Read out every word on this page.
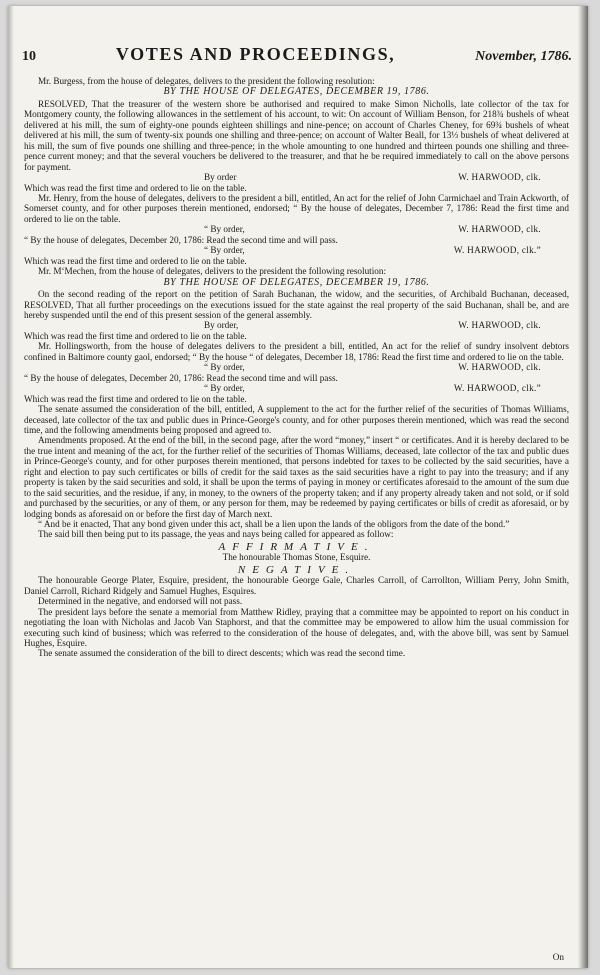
10	VOTES AND PROCEEDINGS,	November, 1786.

Mr. Burgess, from the house of delegates, delivers to the president the following resolution:

BY THE HOUSE OF DELEGATES, DECEMBER 19, 1786.

RESOLVED, That the treasurer of the western shore be authorised and required to make Simon Nicholls, late collector of the tax for Montgomery county, the following allowances in the settlement of his account, to wit: On account of William Benson, for 218¾ bushels of wheat delivered at his mill, the sum of eighty-one pounds eighteen shillings and nine-pence; on account of Charles Cheney, for 69¾ bushels of wheat delivered at his mill, the sum of twenty-six pounds one shilling and three-pence; on account of Walter Beall, for 13⅓ bushels of wheat delivered at his mill, the sum of five pounds one shilling and three-pence; in the whole amounting to one hundred and thirteen pounds one shilling and three-pence current money; and that the several vouchers be delivered to the treasurer, and that he be required immediately to call on the above persons for payment.

By order	W. HARWOOD, clk.

Which was read the first time and ordered to lie on the table.

Mr. Henry, from the house of delegates, delivers to the president a bill, entitled, An act for the relief of John Carmichael and Train Ackworth, of Somerset county, and for other purposes therein mentioned, endorsed; “ By the house of delegates, December 7, 1786: Read the first time and ordered to lie on the table.

“ By order,	W. HARWOOD, clk.

“ By the house of delegates, December 20, 1786: Read the second time and will pass.

“ By order,	W. HARWOOD, clk.”

Which was read the first time and ordered to lie on the table.

Mr. M‘Mechen, from the house of delegates, delivers to the president the following resolution:

BY THE HOUSE OF DELEGATES, DECEMBER 19, 1786.

On the second reading of the report on the petition of Sarah Buchanan, the widow, and the securities, of Archibald Buchanan, deceased, RESOLVED, That all further proceedings on the executions issued for the state against the real property of the said Buchanan, shall be, and are hereby suspended until the end of this present session of the general assembly.

By order,	W. HARWOOD, clk.

Which was read the first time and ordered to lie on the table.

Mr. Hollingsworth, from the house of delegates delivers to the president a bill, entitled, An act for the relief of sundry insolvent debtors confined in Baltimore county gaol, endorsed; “ By the house “ of delegates, December 18, 1786: Read the first time and ordered to lie on the table.

“ By order,	W. HARWOOD, clk.

“ By the house of delegates, December 20, 1786: Read the second time and will pass.

“ By order,	W. HARWOOD, clk.”

Which was read the first time and ordered to lie on the table.

The senate assumed the consideration of the bill, entitled, A supplement to the act for the further relief of the securities of Thomas Williams, deceased, late collector of the tax and public dues in Prince-George's county, and for other purposes therein mentioned, which was read the second time, and the following amendments being proposed and agreed to.

Amendments proposed. At the end of the bill, in the second page, after the word “money,” insert “ or certificates. And it is hereby declared to be the true intent and meaning of the act, for the further relief of the securities of Thomas Williams, deceased, late collector of the tax and public dues in Prince-George's county, and for other purposes therein mentioned, that persons indebted for taxes to be collected by the said securities, have a right and election to pay such certificates or bills of credit for the said taxes as the said securities have a right to pay into the treasury; and if any property is taken by the said securities and sold, it shall be upon the terms of paying in money or certificates aforesaid to the amount of the sum due to the said securities, and the residue, if any, in money, to the owners of the property taken; and if any property already taken and not sold, or if sold and purchased by the securities, or any of them, or any person for them, may be redeemed by paying certificates or bills of credit as aforesaid, or by lodging bonds as aforesaid on or before the first day of March next.

“ And be it enacted, That any bond given under this act, shall be a lien upon the lands of the obligors from the date of the bond.”

The said bill then being put to its passage, the yeas and nays being called for appeared as follow:

AFFIRMATIVE.

The honourable Thomas Stone, Esquire.

NEGATIVE.

The honourable George Plater, Esquire, president, the honourable George Gale, Charles Carroll, of Carrollton, William Perry, John Smith, Daniel Carroll, Richard Ridgely and Samuel Hughes, Esquires.

Determined in the negative, and endorsed will not pass.

The president lays before the senate a memorial from Matthew Ridley, praying that a committee may be appointed to report on his conduct in negotiating the loan with Nicholas and Jacob Van Staphorst, and that the committee may be empowered to allow him the usual commission for executing such kind of business; which was referred to the consideration of the house of delegates, and, with the above bill, was sent by Samuel Hughes, Esquire.

The senate assumed the consideration of the bill to direct descents; which was read the second time.

On
